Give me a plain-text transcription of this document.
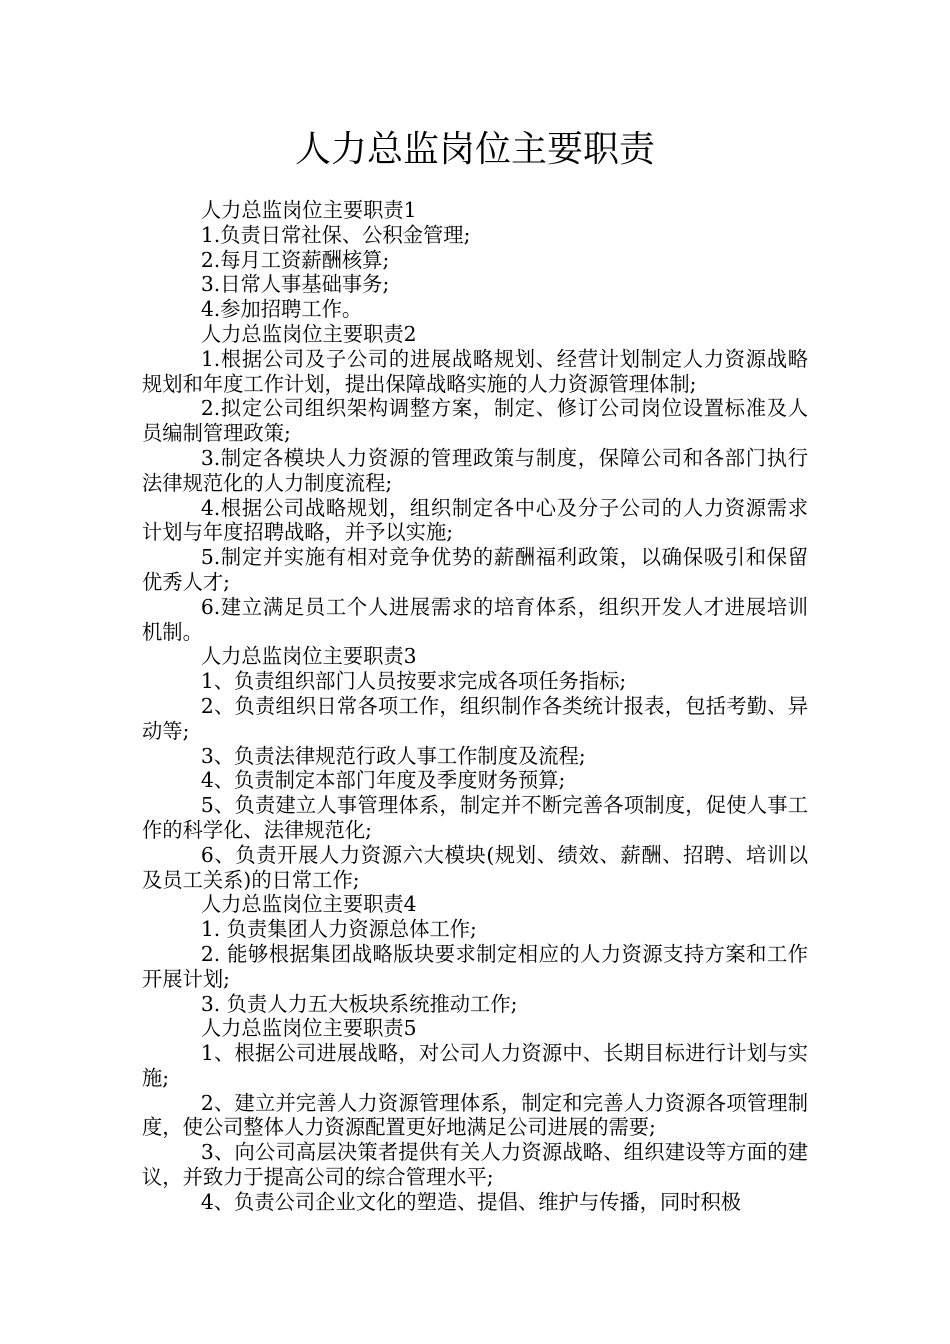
人力总监岗位主要职责

人力总监岗位主要职责1

1.负责日常社保、公积金管理;

2.每月工资薪酬核算;

3.日常人事基础事务;

4.参加招聘工作。

人力总监岗位主要职责2

1.根据公司及子公司的进展战略规划、经营计划制定人力资源战略规划和年度工作计划，提出保障战略实施的人力资源管理体制;

2.拟定公司组织架构调整方案，制定、修订公司岗位设置标准及人员编制管理政策;

3.制定各模块人力资源的管理政策与制度，保障公司和各部门执行法律规范化的人力制度流程;

4.根据公司战略规划，组织制定各中心及分子公司的人力资源需求计划与年度招聘战略，并予以实施;

5.制定并实施有相对竞争优势的薪酬福利政策，以确保吸引和保留优秀人才;

6.建立满足员工个人进展需求的培育体系，组织开发人才进展培训机制。

人力总监岗位主要职责3

1、负责组织部门人员按要求完成各项任务指标;

2、负责组织日常各项工作，组织制作各类统计报表，包括考勤、异动等;

3、负责法律规范行政人事工作制度及流程;

4、负责制定本部门年度及季度财务预算;

5、负责建立人事管理体系，制定并不断完善各项制度，促使人事工作的科学化、法律规范化;

6、负责开展人力资源六大模块(规划、绩效、薪酬、招聘、培训以及员工关系)的日常工作;

人力总监岗位主要职责4

1. 负责集团人力资源总体工作;

2. 能够根据集团战略版块要求制定相应的人力资源支持方案和工作开展计划;

3. 负责人力五大板块系统推动工作;

人力总监岗位主要职责5

1、根据公司进展战略，对公司人力资源中、长期目标进行计划与实施;

2、建立并完善人力资源管理体系，制定和完善人力资源各项管理制度，使公司整体人力资源配置更好地满足公司进展的需要;

3、向公司高层决策者提供有关人力资源战略、组织建设等方面的建议，并致力于提高公司的综合管理水平;

4、负责公司企业文化的塑造、提倡、维护与传播，同时积极
